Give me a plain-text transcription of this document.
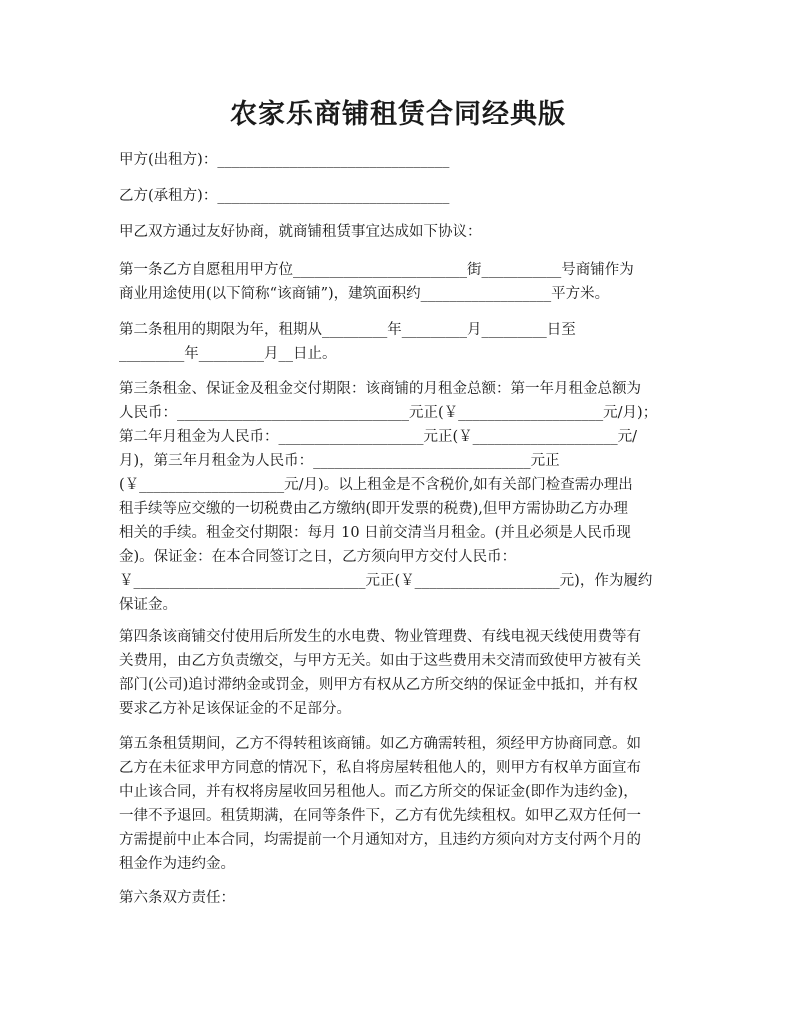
农家乐商铺租赁合同经典版

甲方(出租方)：________________________________

乙方(承租方)：________________________________

甲乙双方通过友好协商，就商铺租赁事宜达成如下协议：

第一条乙方自愿租用甲方位________________________街___________号商铺作为
商业用途使用(以下简称“该商铺”)，建筑面积约__________________平方米。

第二条租用的期限为年，租期从_________年_________月_________日至
_________年_________月__日止。

第三条租金、保证金及租金交付期限：该商铺的月租金总额：第一年月租金总额为
人民币：________________________________元正(￥____________________元/月)；
第二年月租金为人民币：____________________元正(￥____________________元/
月)，第三年月租金为人民币：______________________________元正
(￥____________________元/月)。以上租金是不含税价,如有关部门检查需办理出
租手续等应交缴的一切税费由乙方缴纳(即开发票的税费),但甲方需协助乙方办理
相关的手续。租金交付期限：每月 10 日前交清当月租金。(并且必须是人民币现
金)。保证金：在本合同签订之日，乙方须向甲方交付人民币：
￥________________________________元正(￥____________________元)，作为履约
保证金。

第四条该商铺交付使用后所发生的水电费、物业管理费、有线电视天线使用费等有
关费用，由乙方负责缴交，与甲方无关。如由于这些费用未交清而致使甲方被有关
部门(公司)追讨滞纳金或罚金，则甲方有权从乙方所交纳的保证金中抵扣，并有权
要求乙方补足该保证金的不足部分。

第五条租赁期间，乙方不得转租该商铺。如乙方确需转租，须经甲方协商同意。如
乙方在未征求甲方同意的情况下，私自将房屋转租他人的，则甲方有权单方面宣布
中止该合同，并有权将房屋收回另租他人。而乙方所交的保证金(即作为违约金)，
一律不予退回。租赁期满，在同等条件下，乙方有优先续租权。如甲乙双方任何一
方需提前中止本合同，均需提前一个月通知对方，且违约方须向对方支付两个月的
租金作为违约金。

第六条双方责任：
